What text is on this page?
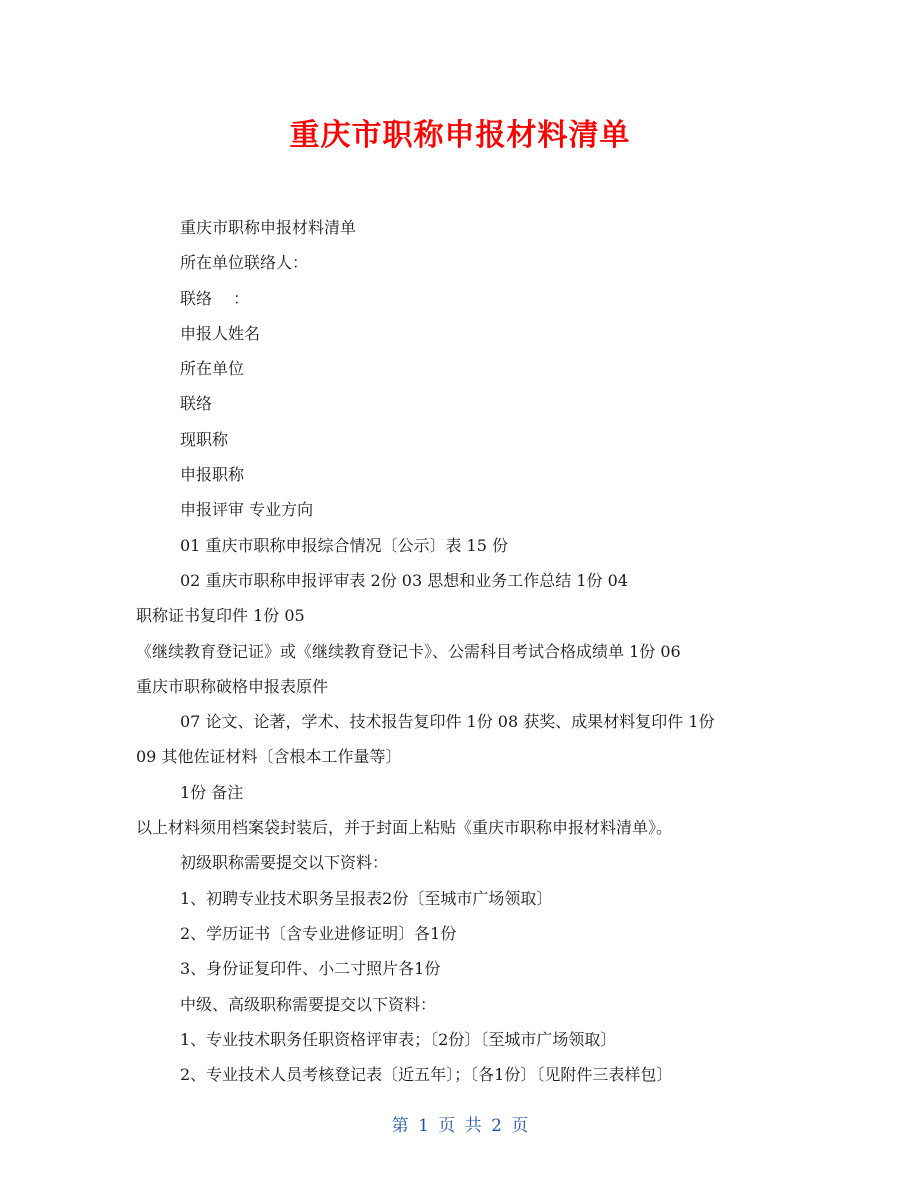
重庆市职称申报材料清单
重庆市职称申报材料清单
所在单位联络人：
联络　 ：
申报人姓名
所在单位
联络
现职称
申报职称
申报评审 专业方向
01 重庆市职称申报综合情况〔公示〕表 15 份
02 重庆市职称申报评审表 2份 03 思想和业务工作总结 1份 04
职称证书复印件 1份 05
《继续教育登记证》或《继续教育登记卡》、公需科目考试合格成绩单 1份 06
重庆市职称破格申报表原件
07 论文、论著，学术、技术报告复印件 1份 08 获奖、成果材料复印件 1份
09 其他佐证材料〔含根本工作量等〕
1份 备注
以上材料须用档案袋封装后，并于封面上粘贴《重庆市职称申报材料清单》。
初级职称需要提交以下资料：
1、初聘专业技术职务呈报表2份〔至城市广场领取〕
2、学历证书〔含专业进修证明〕各1份
3、身份证复印件、小二寸照片各1份
中级、高级职称需要提交以下资料：
1、专业技术职务任职资格评审表；〔2份〕〔至城市广场领取〕
2、专业技术人员考核登记表〔近五年〕；〔各1份〕〔见附件三表样包〕
第 1 页 共 2 页
